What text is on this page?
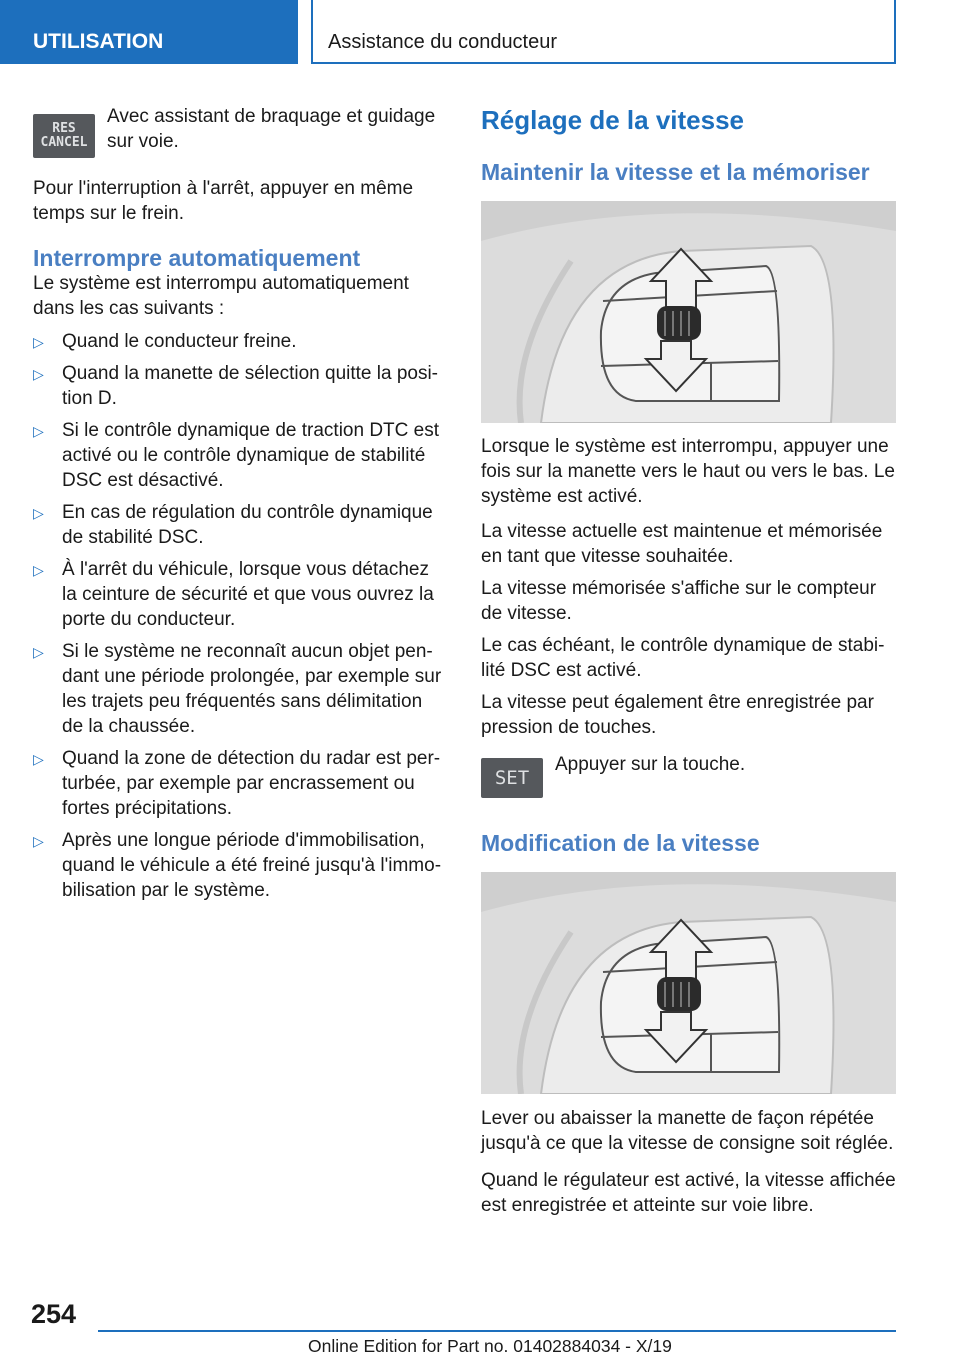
UTILISATION	Assistance du conducteur
RES
CANCEL

Avec assistant de braquage et guidage sur voie.

Pour l'interruption à l'arrêt, appuyer en même temps sur le frein.

Interrompre automatiquement

Le système est interrompu automatiquement dans les cas suivants :

▷ Quand le conducteur freine.
▷ Quand la manette de sélection quitte la posi‐ tion D.
▷ Si le contrôle dynamique de traction DTC est activé ou le contrôle dynamique de stabilité DSC est désactivé.
▷ En cas de régulation du contrôle dynamique de stabilité DSC.
▷ À l'arrêt du véhicule, lorsque vous détachez la ceinture de sécurité et que vous ouvrez la porte du conducteur.
▷ Si le système ne reconnaît aucun objet pen‐ dant une période prolongée, par exemple sur les trajets peu fréquentés sans délimitation de la chaussée.
▷ Quand la zone de détection du radar est per‐ turbée, par exemple par encrassement ou fortes précipitations.
▷ Après une longue période d'immobilisation, quand le véhicule a été freiné jusqu'à l'immo‐ bilisation par le système.
Réglage de la vitesse
Maintenir la vitesse et la mémoriser

Lorsque le système est interrompu, appuyer une fois sur la manette vers le haut ou vers le bas. Le système est activé.

La vitesse actuelle est maintenue et mémorisée en tant que vitesse souhaitée.

La vitesse mémorisée s'affiche sur le compteur de vitesse.

Le cas échéant, le contrôle dynamique de stabi‐ lité DSC est activé.

La vitesse peut également être enregistrée par pression de touches.

SET

Appuyer sur la touche.

Modification de la vitesse

Lever ou abaisser la manette de façon répétée jusqu'à ce que la vitesse de consigne soit réglée.

Quand le régulateur est activé, la vitesse affichée est enregistrée et atteinte sur voie libre.

254
Online Edition for Part no. 01402884034 - X/19
